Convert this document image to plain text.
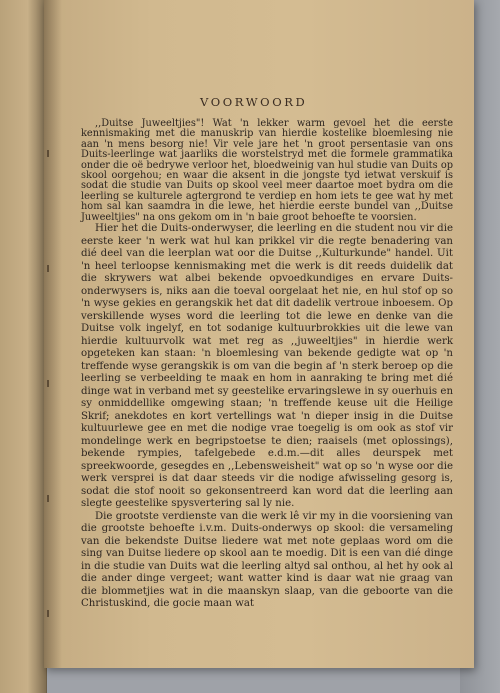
VOORWOORD

,,Duitse Juweeltjies"! Wat 'n lekker warm gevoel het die eerste kennismaking met die manuskrip van hierdie kostelike bloemlesing nie aan 'n mens besorg nie! Vir vele jare het 'n groot persentasie van ons Duits-leerlinge wat jaarliks die worstelstryd met die formele grammatika onder die oë bedrywe verloor het, bloedweinig van hul studie van Duits op skool oorgehou; en waar die aksent in die jongste tyd ietwat verskuif is sodat die studie van Duits op skool veel meer daartoe moet bydra om die leerling se kulturele agtergrond te verdiep en hom iets te gee wat hy met hom sal kan saamdra in die lewe, het hierdie eerste bundel van ,,Duitse Juweeltjies" na ons gekom om in 'n baie groot behoefte te voorsien.

Hier het die Duits-onderwyser, die leerling en die student nou vir die eerste keer 'n werk wat hul kan prikkel vir die regte benadering van dié deel van die leerplan wat oor die Duitse ,,Kulturkunde" handel. Uit 'n heel terloopse kennismaking met die werk is dit reeds duidelik dat die skrywers wat albei bekende opvoedkundiges en ervare Duits-onderwysers is, niks aan die toeval oorgelaat het nie, en hul stof op so 'n wyse gekies en gerangskik het dat dit dadelik vertroue inboesem. Op verskillende wyses word die leerling tot die lewe en denke van die Duitse volk ingelyf, en tot sodanige kultuurbrokkies uit die lewe van hierdie kultuurvolk wat met reg as ,,juweeltjies" in hierdie werk opgeteken kan staan: 'n bloemlesing van bekende gedigte wat op 'n treffende wyse gerangskik is om van die begin af 'n sterk beroep op die leerling se verbeelding te maak en hom in aanraking te bring met dié dinge wat in verband met sy geestelike ervaringslewe in sy ouerhuis en sy onmiddellike omgewing staan; 'n treffende keuse uit die Heilige Skrif; anekdotes en kort vertellings wat 'n dieper insig in die Duitse kultuurlewe gee en met die nodige vrae toegelig is om ook as stof vir mondelinge werk en begripstoetse te dien; raaisels (met oplossings), bekende rympies, tafelgebede e.d.m.—dit alles deurspek met spreekwoorde, gesegdes en ,,Lebensweisheit" wat op so 'n wyse oor die werk versprei is dat daar steeds vir die nodige afwisseling gesorg is, sodat die stof nooit so gekonsentreerd kan word dat die leerling aan slegte geestelike spysvertering sal ly nie.

Die grootste verdienste van die werk lê vir my in die voorsiening van die grootste behoefte i.v.m. Duits-onderwys op skool: die versameling van die bekendste Duitse liedere wat met note geplaas word om die sing van Duitse liedere op skool aan te moedig. Dit is een van dié dinge in die studie van Duits wat die leerling altyd sal onthou, al het hy ook al die ander dinge vergeet; want watter kind is daar wat nie graag van die blommetjies wat in die maanskyn slaap, van die geboorte van die Christuskind, die gocie maan wat
